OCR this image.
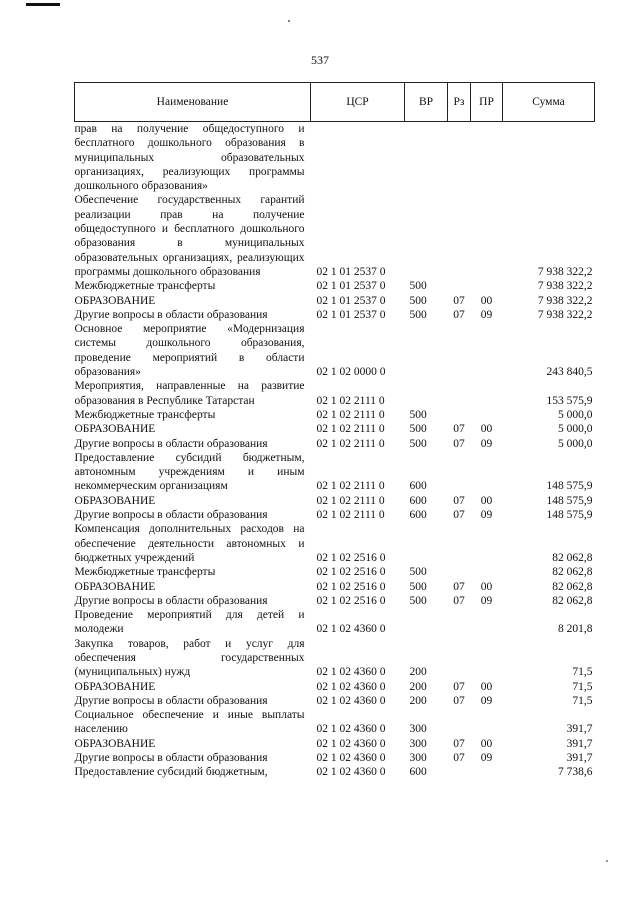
537
Наименование	ЦСР	ВР	Рз	ПР	Сумма
прав на получение общедоступного и бесплатного дошкольного образования в муниципальных образовательных организациях, реализующих программы дошкольного образования»					
Обеспечение государственных гарантий реализации прав на получение общедоступного и бесплатного дошкольного образования в муниципальных образовательных организациях, реализующих программы дошкольного образования	02 1 01 2537 0				7 938 322,2
Межбюджетные трансферты	02 1 01 2537 0	500			7 938 322,2
ОБРАЗОВАНИЕ	02 1 01 2537 0	500	07	00	7 938 322,2
Другие вопросы в области образования	02 1 01 2537 0	500	07	09	7 938 322,2
Основное мероприятие «Модернизация системы дошкольного образования, проведение мероприятий в области образования»	02 1 02 0000 0				243 840,5
Мероприятия, направленные на развитие образования в Республике Татарстан	02 1 02 2111 0				153 575,9
Межбюджетные трансферты	02 1 02 2111 0	500			5 000,0
ОБРАЗОВАНИЕ	02 1 02 2111 0	500	07	00	5 000,0
Другие вопросы в области образования	02 1 02 2111 0	500	07	09	5 000,0
Предоставление субсидий бюджетным, автономным учреждениям и иным некоммерческим организациям	02 1 02 2111 0	600			148 575,9
ОБРАЗОВАНИЕ	02 1 02 2111 0	600	07	00	148 575,9
Другие вопросы в области образования	02 1 02 2111 0	600	07	09	148 575,9
Компенсация дополнительных расходов на обеспечение деятельности автономных и бюджетных учреждений	02 1 02 2516 0				82 062,8
Межбюджетные трансферты	02 1 02 2516 0	500			82 062,8
ОБРАЗОВАНИЕ	02 1 02 2516 0	500	07	00	82 062,8
Другие вопросы в области образования	02 1 02 2516 0	500	07	09	82 062,8
Проведение мероприятий для детей и молодежи	02 1 02 4360 0				8 201,8
Закупка товаров, работ и услуг для обеспечения государственных (муниципальных) нужд	02 1 02 4360 0	200			71,5
ОБРАЗОВАНИЕ	02 1 02 4360 0	200	07	00	71,5
Другие вопросы в области образования	02 1 02 4360 0	200	07	09	71,5
Социальное обеспечение и иные выплаты населению	02 1 02 4360 0	300			391,7
ОБРАЗОВАНИЕ	02 1 02 4360 0	300	07	00	391,7
Другие вопросы в области образования	02 1 02 4360 0	300	07	09	391,7
Предоставление субсидий бюджетным,	02 1 02 4360 0	600			7 738,6
